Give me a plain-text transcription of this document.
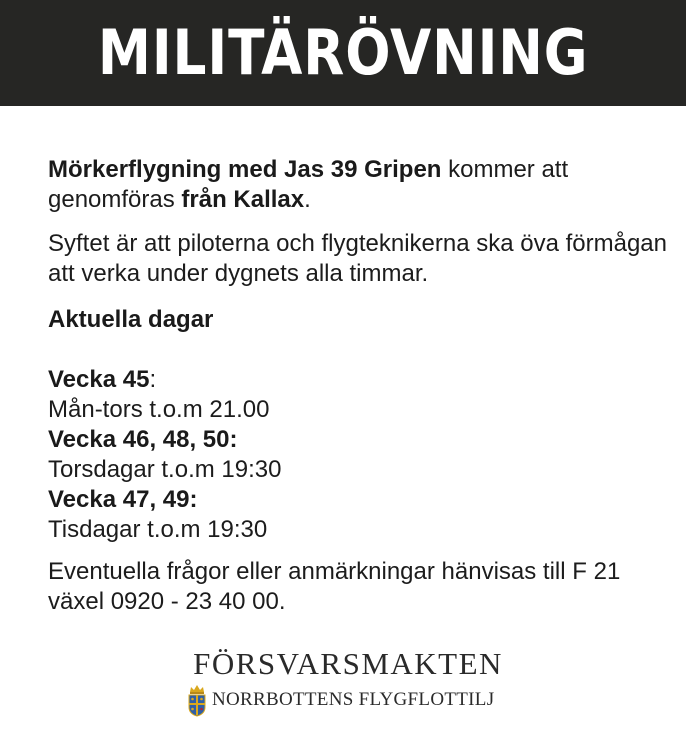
MILITÄRÖVNING

Mörkerflygning med Jas 39 Gripen kommer att genomföras från Kallax.

Syftet är att piloterna och flygteknikerna ska öva förmågan att verka under dygnets alla timmar.

Aktuella dagar

Vecka 45:
Mån-tors t.o.m 21.00
Vecka 46, 48, 50:
Torsdagar t.o.m 19:30
Vecka 47, 49:
Tisdagar t.o.m 19:30

Eventuella frågor eller anmärkningar hänvisas till F 21 växel 0920 - 23 40 00.

FÖRSVARSMAKTEN
NORRBOTTENS FLYGFLOTTILJ
